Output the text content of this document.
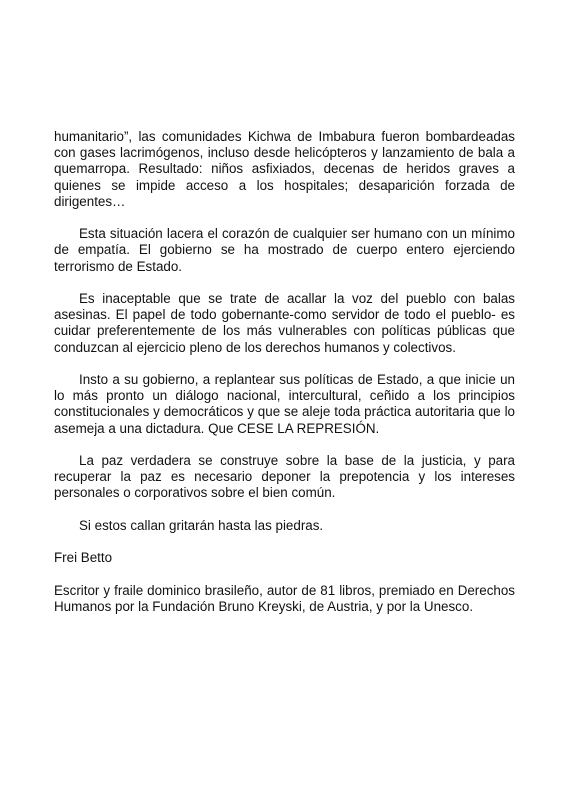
humanitario”, las comunidades Kichwa de Imbabura fueron bombardeadas con gases lacrimógenos, incluso desde helicópteros y lanzamiento de bala a quemarropa. Resultado: niños asfixiados, decenas de heridos graves a quienes se impide acceso a los hospitales; desaparición forzada de dirigentes…

Esta situación lacera el corazón de cualquier ser humano con un mínimo de empatía. El gobierno se ha mostrado de cuerpo entero ejerciendo terrorismo de Estado.

Es inaceptable que se trate de acallar la voz del pueblo con balas asesinas. El papel de todo gobernante-como servidor de todo el pueblo- es cuidar preferentemente de los más vulnerables con políticas públicas que conduzcan al ejercicio pleno de los derechos humanos y colectivos.

Insto a su gobierno, a replantear sus políticas de Estado, a que inicie un lo más pronto un diálogo nacional, intercultural, ceñido a los principios constitucionales y democráticos y que se aleje toda práctica autoritaria que lo asemeja a una dictadura. Que CESE LA REPRESIÓN.

La paz verdadera se construye sobre la base de la justicia, y para recuperar la paz es necesario deponer la prepotencia y los intereses personales o corporativos sobre el bien común.

Si estos callan gritarán hasta las piedras.

Frei Betto

Escritor y fraile dominico brasileño, autor de 81 libros, premiado en Derechos Humanos por la Fundación Bruno Kreyski, de Austria, y por la Unesco.
